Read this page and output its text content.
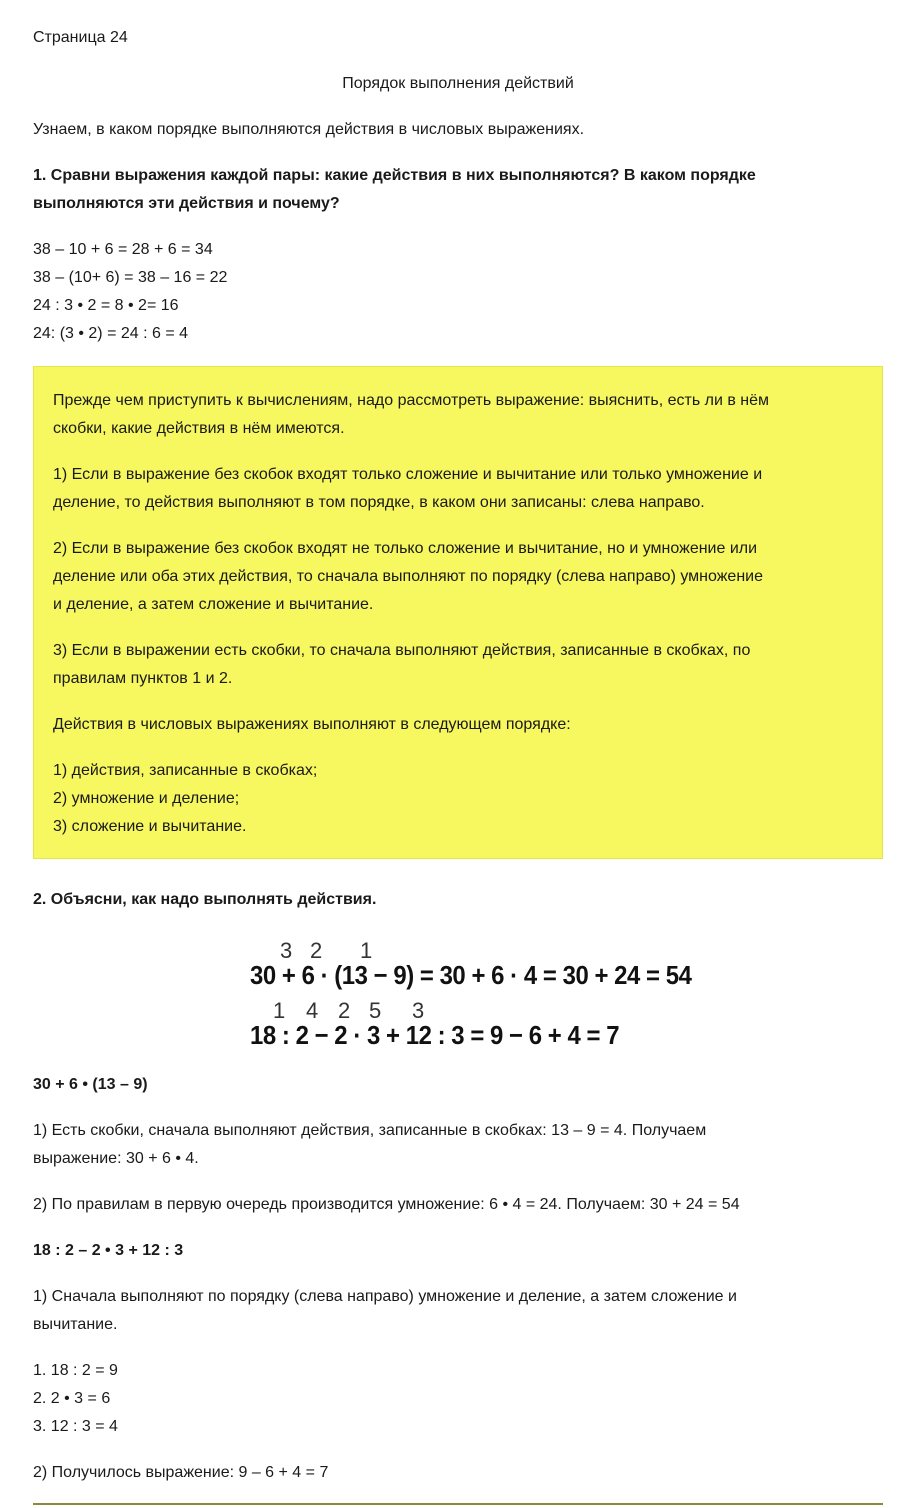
Страница 24
Порядок выполнения действий
Узнаем, в каком порядке выполняются действия в числовых выражениях.
1. Сравни выражения каждой пары: какие действия в них выполняются? В каком порядке
выполняются эти действия и почему?
38 – 10 + 6 = 28 + 6 = 34
38 – (10+ 6) = 38 – 16 = 22
24 : 3 • 2 = 8 • 2= 16
24: (3 • 2) = 24 : 6 = 4

Прежде чем приступить к вычислениям, надо рассмотреть выражение: выяснить, есть ли в нём
скобки, какие действия в нём имеются.

1) Если в выражение без скобок входят только сложение и вычитание или только умножение и
деление, то действия выполняют в том порядке, в каком они записаны: слева направо.

2) Если в выражение без скобок входят не только сложение и вычитание, но и умножение или
деление или оба этих действия, то сначала выполняют по порядку (слева направо) умножение
и деление, а затем сложение и вычитание.

3) Если в выражении есть скобки, то сначала выполняют действия, записанные в скобках, по
правилам пунктов 1 и 2.

Действия в числовых выражениях выполняют в следующем порядке:

1) действия, записанные в скобках;
2) умножение и деление;
3) сложение и вычитание.

2. Объясни, как надо выполнять действия.
3 2 1
30 + 6 · (13 − 9) = 30 + 6 · 4 = 30 + 24 = 54
1 4 2 5 3
18 : 2 − 2 · 3 + 12 : 3 = 9 − 6 + 4 = 7
30 + 6 • (13 – 9)
1) Есть скобки, сначала выполняют действия, записанные в скобках: 13 – 9 = 4. Получаем
выражение: 30 + 6 • 4.
2) По правилам в первую очередь производится умножение: 6 • 4 = 24. Получаем: 30 + 24 = 54
18 : 2 – 2 • 3 + 12 : 3
1) Сначала выполняют по порядку (слева направо) умножение и деление, а затем сложение и
вычитание.
1. 18 : 2 = 9
2. 2 • 3 = 6
3. 12 : 3 = 4
2) Получилось выражение: 9 – 6 + 4 = 7
